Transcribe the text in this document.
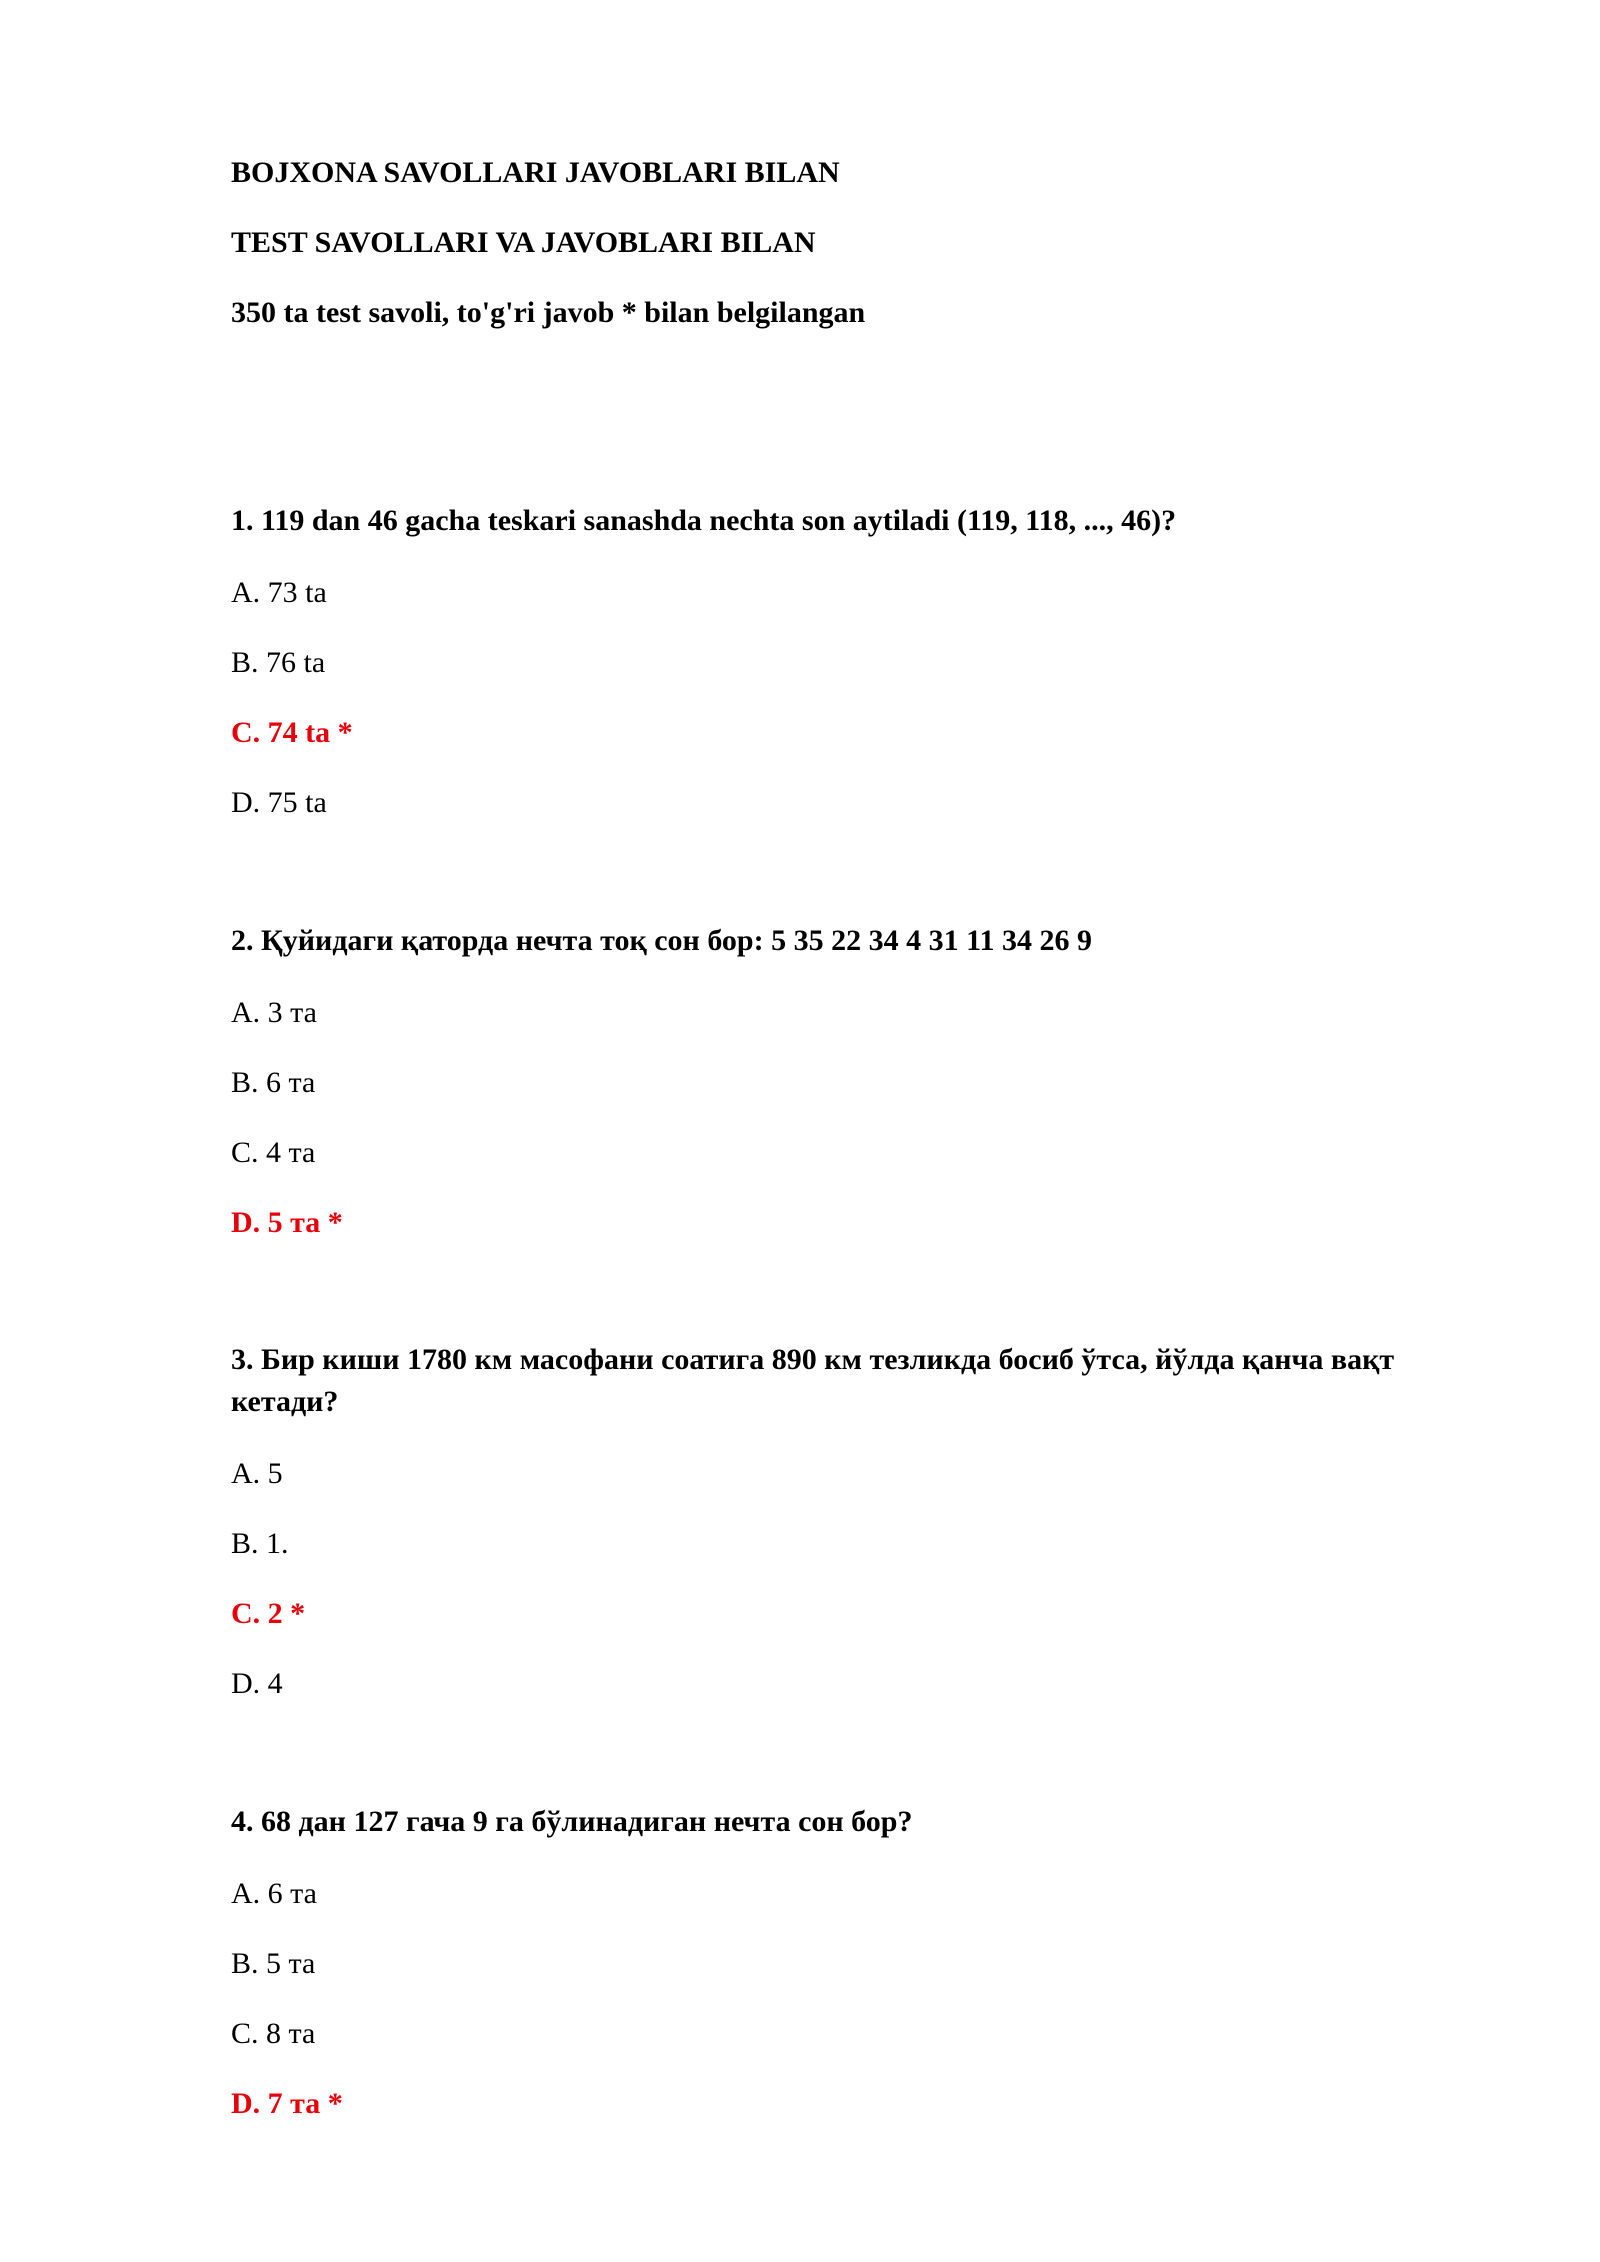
BOJXONA SAVOLLARI JAVOBLARI BILAN
TEST SAVOLLARI VA JAVOBLARI BILAN
350 ta test savoli, to'g'ri javob * bilan belgilangan
1. 119 dan 46 gacha teskari sanashda nechta son aytiladi (119, 118, ..., 46)?
A. 73 ta
B. 76 ta
C. 74 ta *
D. 75 ta
2. Қуйидаги қаторда нечта тоқ сон бор: 5 35 22 34 4 31 11 34 26 9
A. 3 та
B. 6 та
C. 4 та
D. 5 та *
3. Бир киши 1780 км масофани соатига 890 км тезликда босиб ўтса, йўлда қанча вақт кетади?
A. 5
B. 1.
C. 2 *
D. 4
4. 68 дан 127 гача 9 га бўлинадиган нечта сон бор?
A. 6 та
B. 5 та
C. 8 та
D. 7 та *
